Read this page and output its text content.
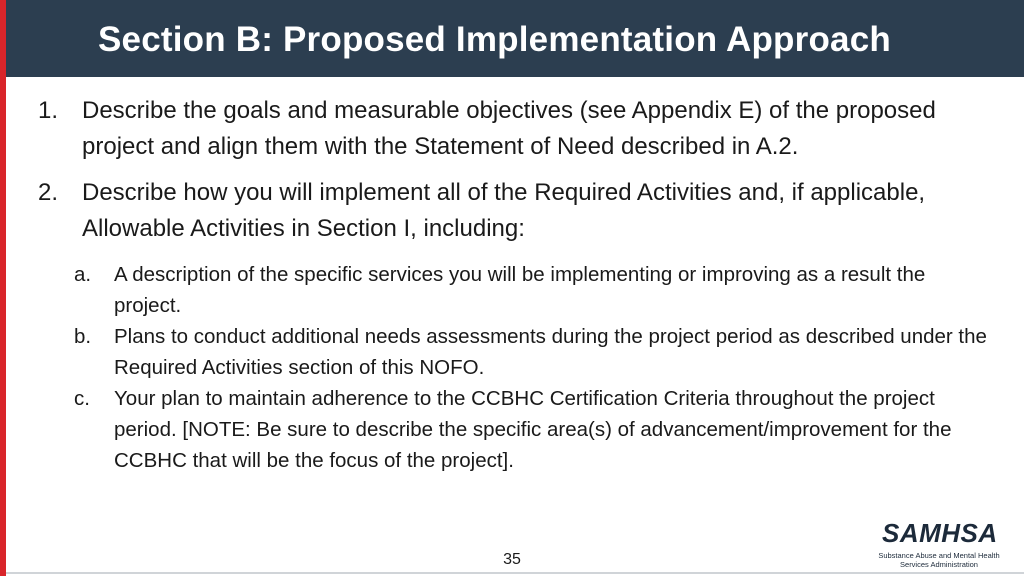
Section B: Proposed Implementation Approach
1. Describe the goals and measurable objectives (see Appendix E) of the proposed project and align them with the Statement of Need described in A.2.
2. Describe how you will implement all of the Required Activities and, if applicable, Allowable Activities in Section I, including:
a. A description of the specific services you will be implementing or improving as a result the project.
b. Plans to conduct additional needs assessments during the project period as described under the Required Activities section of this NOFO.
c. Your plan to maintain adherence to the CCBHC Certification Criteria throughout the project period. [NOTE: Be sure to describe the specific area(s) of advancement/improvement for the CCBHC that will be the focus of the project].
35
SAMHSA
Substance Abuse and Mental Health Services Administration
